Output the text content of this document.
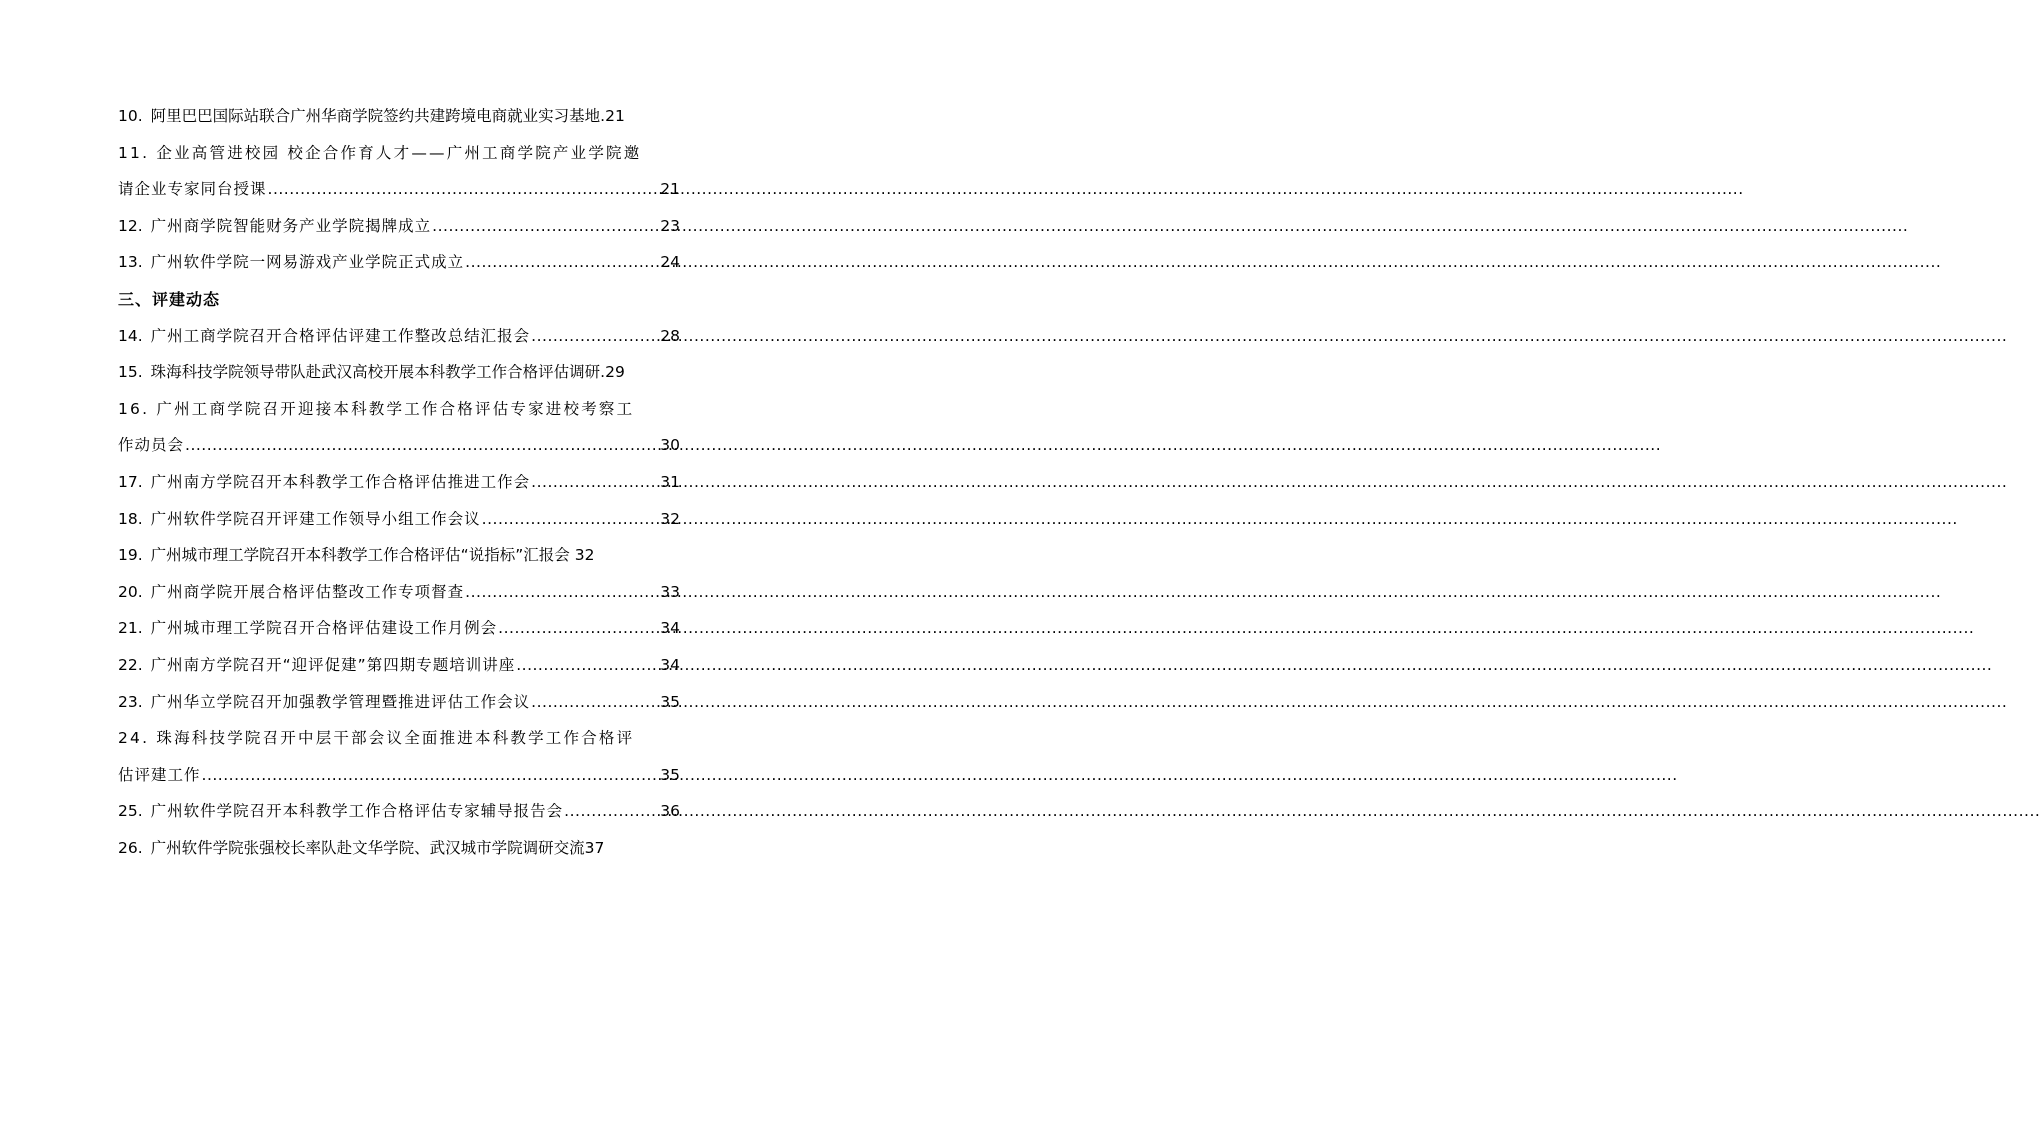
10. 阿里巴巴国际站联合广州华商学院签约共建跨境电商就业实习基地. 21
11. 企业高管进校园 校企合作育人才——广州工商学院产业学院邀
请企业专家同台授课 .....	21
12. 广州商学院智能财务产业学院揭牌成立 .....	23
13. 广州软件学院一网易游戏产业学院正式成立 .....	24
三、评建动态
14. 广州工商学院召开合格评估评建工作整改总结汇报会 .....	28
15. 珠海科技学院领导带队赴武汉高校开展本科教学工作合格评估调研. 29
16. 广州工商学院召开迎接本科教学工作合格评估专家进校考察工
作动员会 .....	30
17. 广州南方学院召开本科教学工作合格评估推进工作会 .....	31
18. 广州软件学院召开评建工作领导小组工作会议 .....	32
19. 广州城市理工学院召开本科教学工作合格评估“说指标”汇报会 32
20. 广州商学院开展合格评估整改工作专项督查 .....	33
21. 广州城市理工学院召开合格评估建设工作月例会 .....	34
22. 广州南方学院召开“迎评促建”第四期专题培训讲座 .....	34
23. 广州华立学院召开加强教学管理暨推进评估工作会议 .....	35
24. 珠海科技学院召开中层干部会议全面推进本科教学工作合格评
估评建工作 .....	35
25. 广州软件学院召开本科教学工作合格评估专家辅导报告会 .....	36
26. 广州软件学院张强校长率队赴文华学院、武汉城市学院调研交流 37
